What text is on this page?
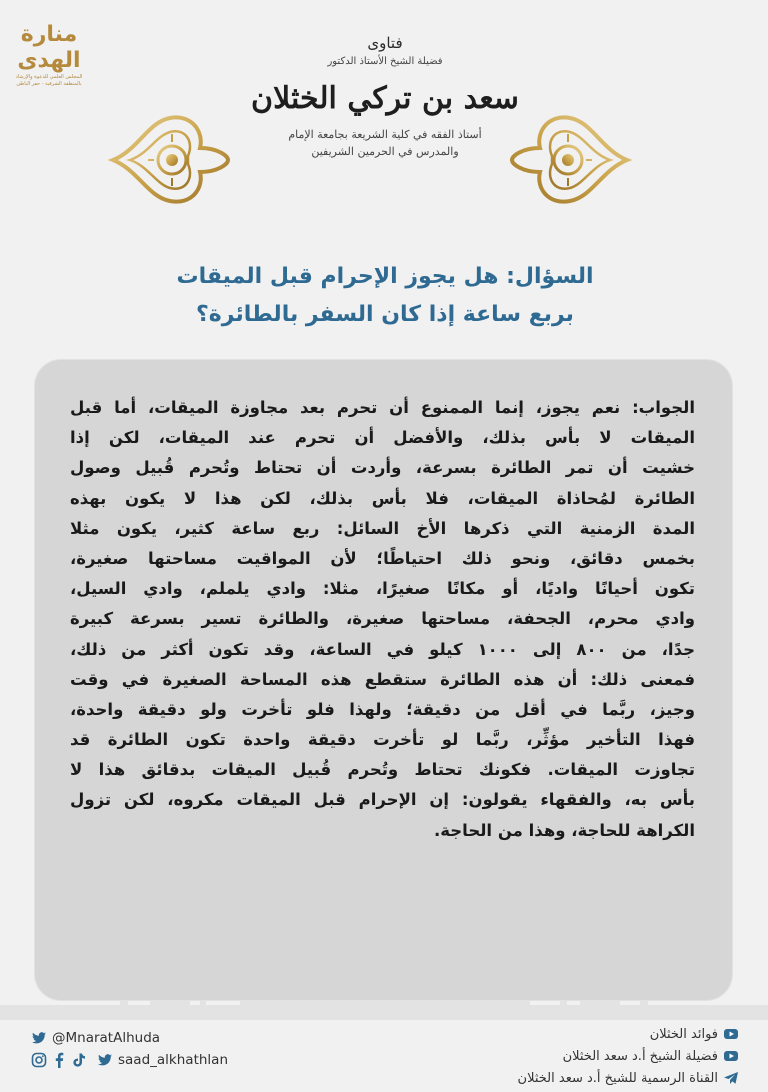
منارة الهدى
المجلس العلمي للدعوة والإرشاد
بالمنطقة الشرقية - حفر الباطن
فتاوى
فضيلة الشيخ الأستاذ الدكتور
سعد بن تركي الخثلان
أستاذ الفقه في كلية الشريعة بجامعة الإمام
والمدرس في الحرمين الشريفين
السؤال: هل يجوز الإحرام قبل الميقات
بربع ساعة إذا كان السفر بالطائرة؟
الجواب: نعم يجوز، إنما الممنوع أن تحرم بعد مجاوزة الميقات، أما قبل
الميقات لا بأس بذلك، والأفضل أن تحرم عند الميقات، لكن إذا
خشيت أن تمر الطائرة بسرعة، وأردت أن تحتاط وتُحرم قُبيل وصول
الطائرة لمُحاذاة الميقات، فلا بأس بذلك، لكن هذا لا يكون بهذه
المدة الزمنية التي ذكرها الأخ السائل: ربع ساعة كثير، يكون مثلا
بخمس دقائق، ونحو ذلك احتياطًا؛ لأن المواقيت مساحتها صغيرة،
تكون أحيانًا واديًا، أو مكانًا صغيرًا، مثلا: وادي يلملم، وادي السيل،
وادي محرم، الجحفة، مساحتها صغيرة، والطائرة تسير بسرعة كبيرة
جدًا، من ٨٠٠ إلى ١٠٠٠ كيلو في الساعة، وقد تكون أكثر من ذلك،
فمعنى ذلك: أن هذه الطائرة ستقطع هذه المساحة الصغيرة في وقت
وجيز، ربَّما في أقل من دقيقة؛ ولهذا فلو تأخرت ولو دقيقة واحدة،
فهذا التأخير مؤثِّر، ربَّما لو تأخرت دقيقة واحدة تكون الطائرة قد
تجاوزت الميقات. فكونك تحتاط وتُحرم قُبيل الميقات بدقائق هذا لا
بأس به، والفقهاء يقولون: إن الإحرام قبل الميقات مكروه، لكن تزول
الكراهة للحاجة، وهذا من الحاجة.
@MnaratAlhuda
saad_alkhathlan
فوائد الخثلان
فضيلة الشيخ أ.د سعد الخثلان
القناة الرسمية للشيخ أ.د سعد الخثلان
